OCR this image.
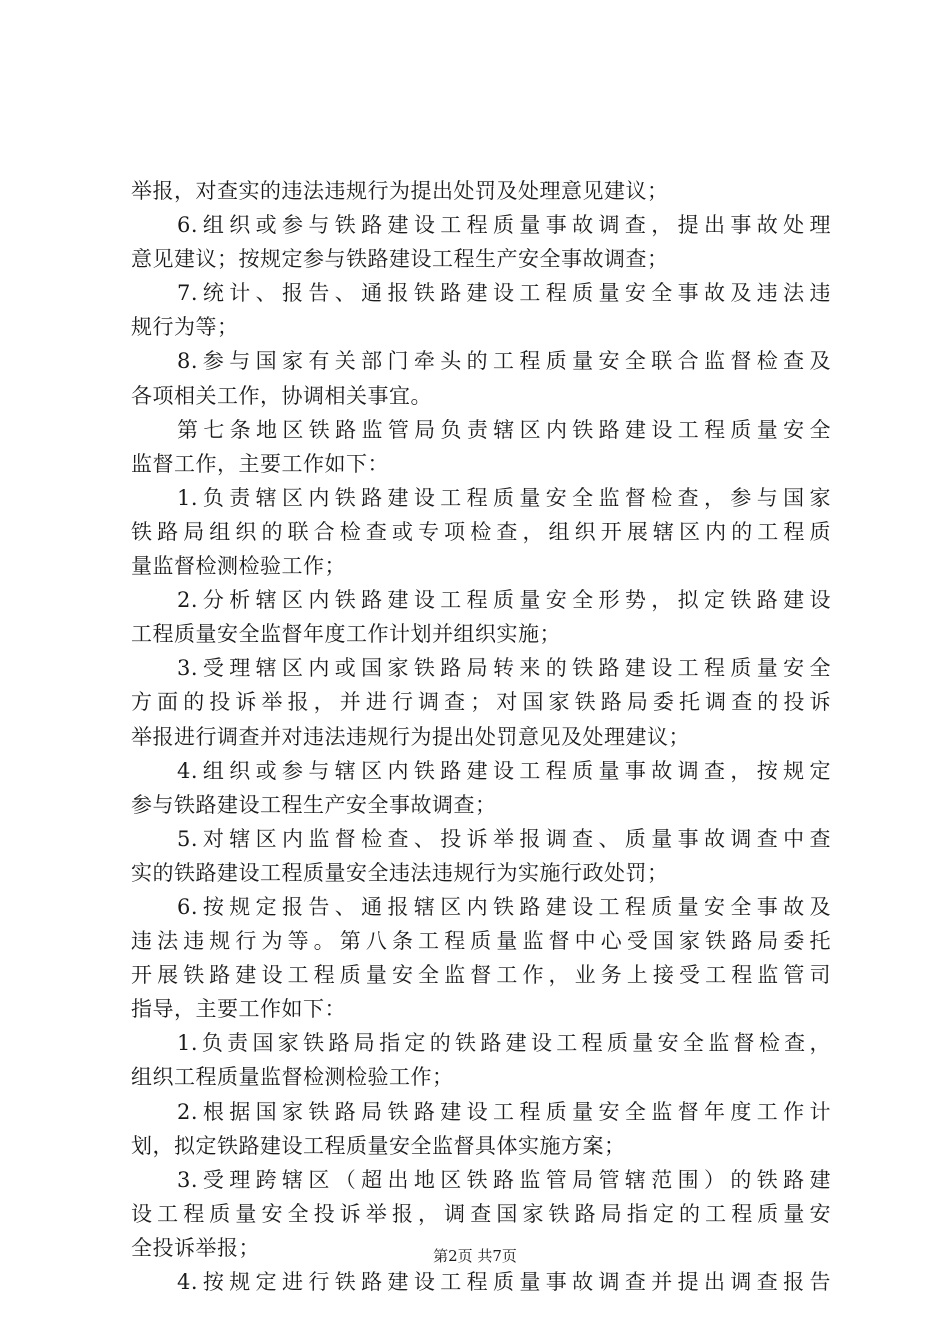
举报，对查实的违法违规行为提出处罚及处理意见建议；
6.组织或参与铁路建设工程质量事故调查，提出事故处理
意见建议；按规定参与铁路建设工程生产安全事故调查；
7.统计、报告、通报铁路建设工程质量安全事故及违法违
规行为等；
8.参与国家有关部门牵头的工程质量安全联合监督检查及
各项相关工作，协调相关事宜。
第七条地区铁路监管局负责辖区内铁路建设工程质量安全
监督工作，主要工作如下：
1.负责辖区内铁路建设工程质量安全监督检查，参与国家
铁路局组织的联合检查或专项检查，组织开展辖区内的工程质
量监督检测检验工作；
2.分析辖区内铁路建设工程质量安全形势，拟定铁路建设
工程质量安全监督年度工作计划并组织实施；
3.受理辖区内或国家铁路局转来的铁路建设工程质量安全
方面的投诉举报，并进行调查；对国家铁路局委托调查的投诉
举报进行调查并对违法违规行为提出处罚意见及处理建议；
4.组织或参与辖区内铁路建设工程质量事故调查，按规定
参与铁路建设工程生产安全事故调查；
5.对辖区内监督检查、投诉举报调查、质量事故调查中查
实的铁路建设工程质量安全违法违规行为实施行政处罚；
6.按规定报告、通报辖区内铁路建设工程质量安全事故及
违法违规行为等。第八条工程质量监督中心受国家铁路局委托
开展铁路建设工程质量安全监督工作，业务上接受工程监管司
指导，主要工作如下：
1.负责国家铁路局指定的铁路建设工程质量安全监督检查，
组织工程质量监督检测检验工作；
2.根据国家铁路局铁路建设工程质量安全监督年度工作计
划，拟定铁路建设工程质量安全监督具体实施方案；
3.受理跨辖区（超出地区铁路监管局管辖范围）的铁路建
设工程质量安全投诉举报，调查国家铁路局指定的工程质量安
全投诉举报；
4.按规定进行铁路建设工程质量事故调查并提出调查报告
第2页 共7页
